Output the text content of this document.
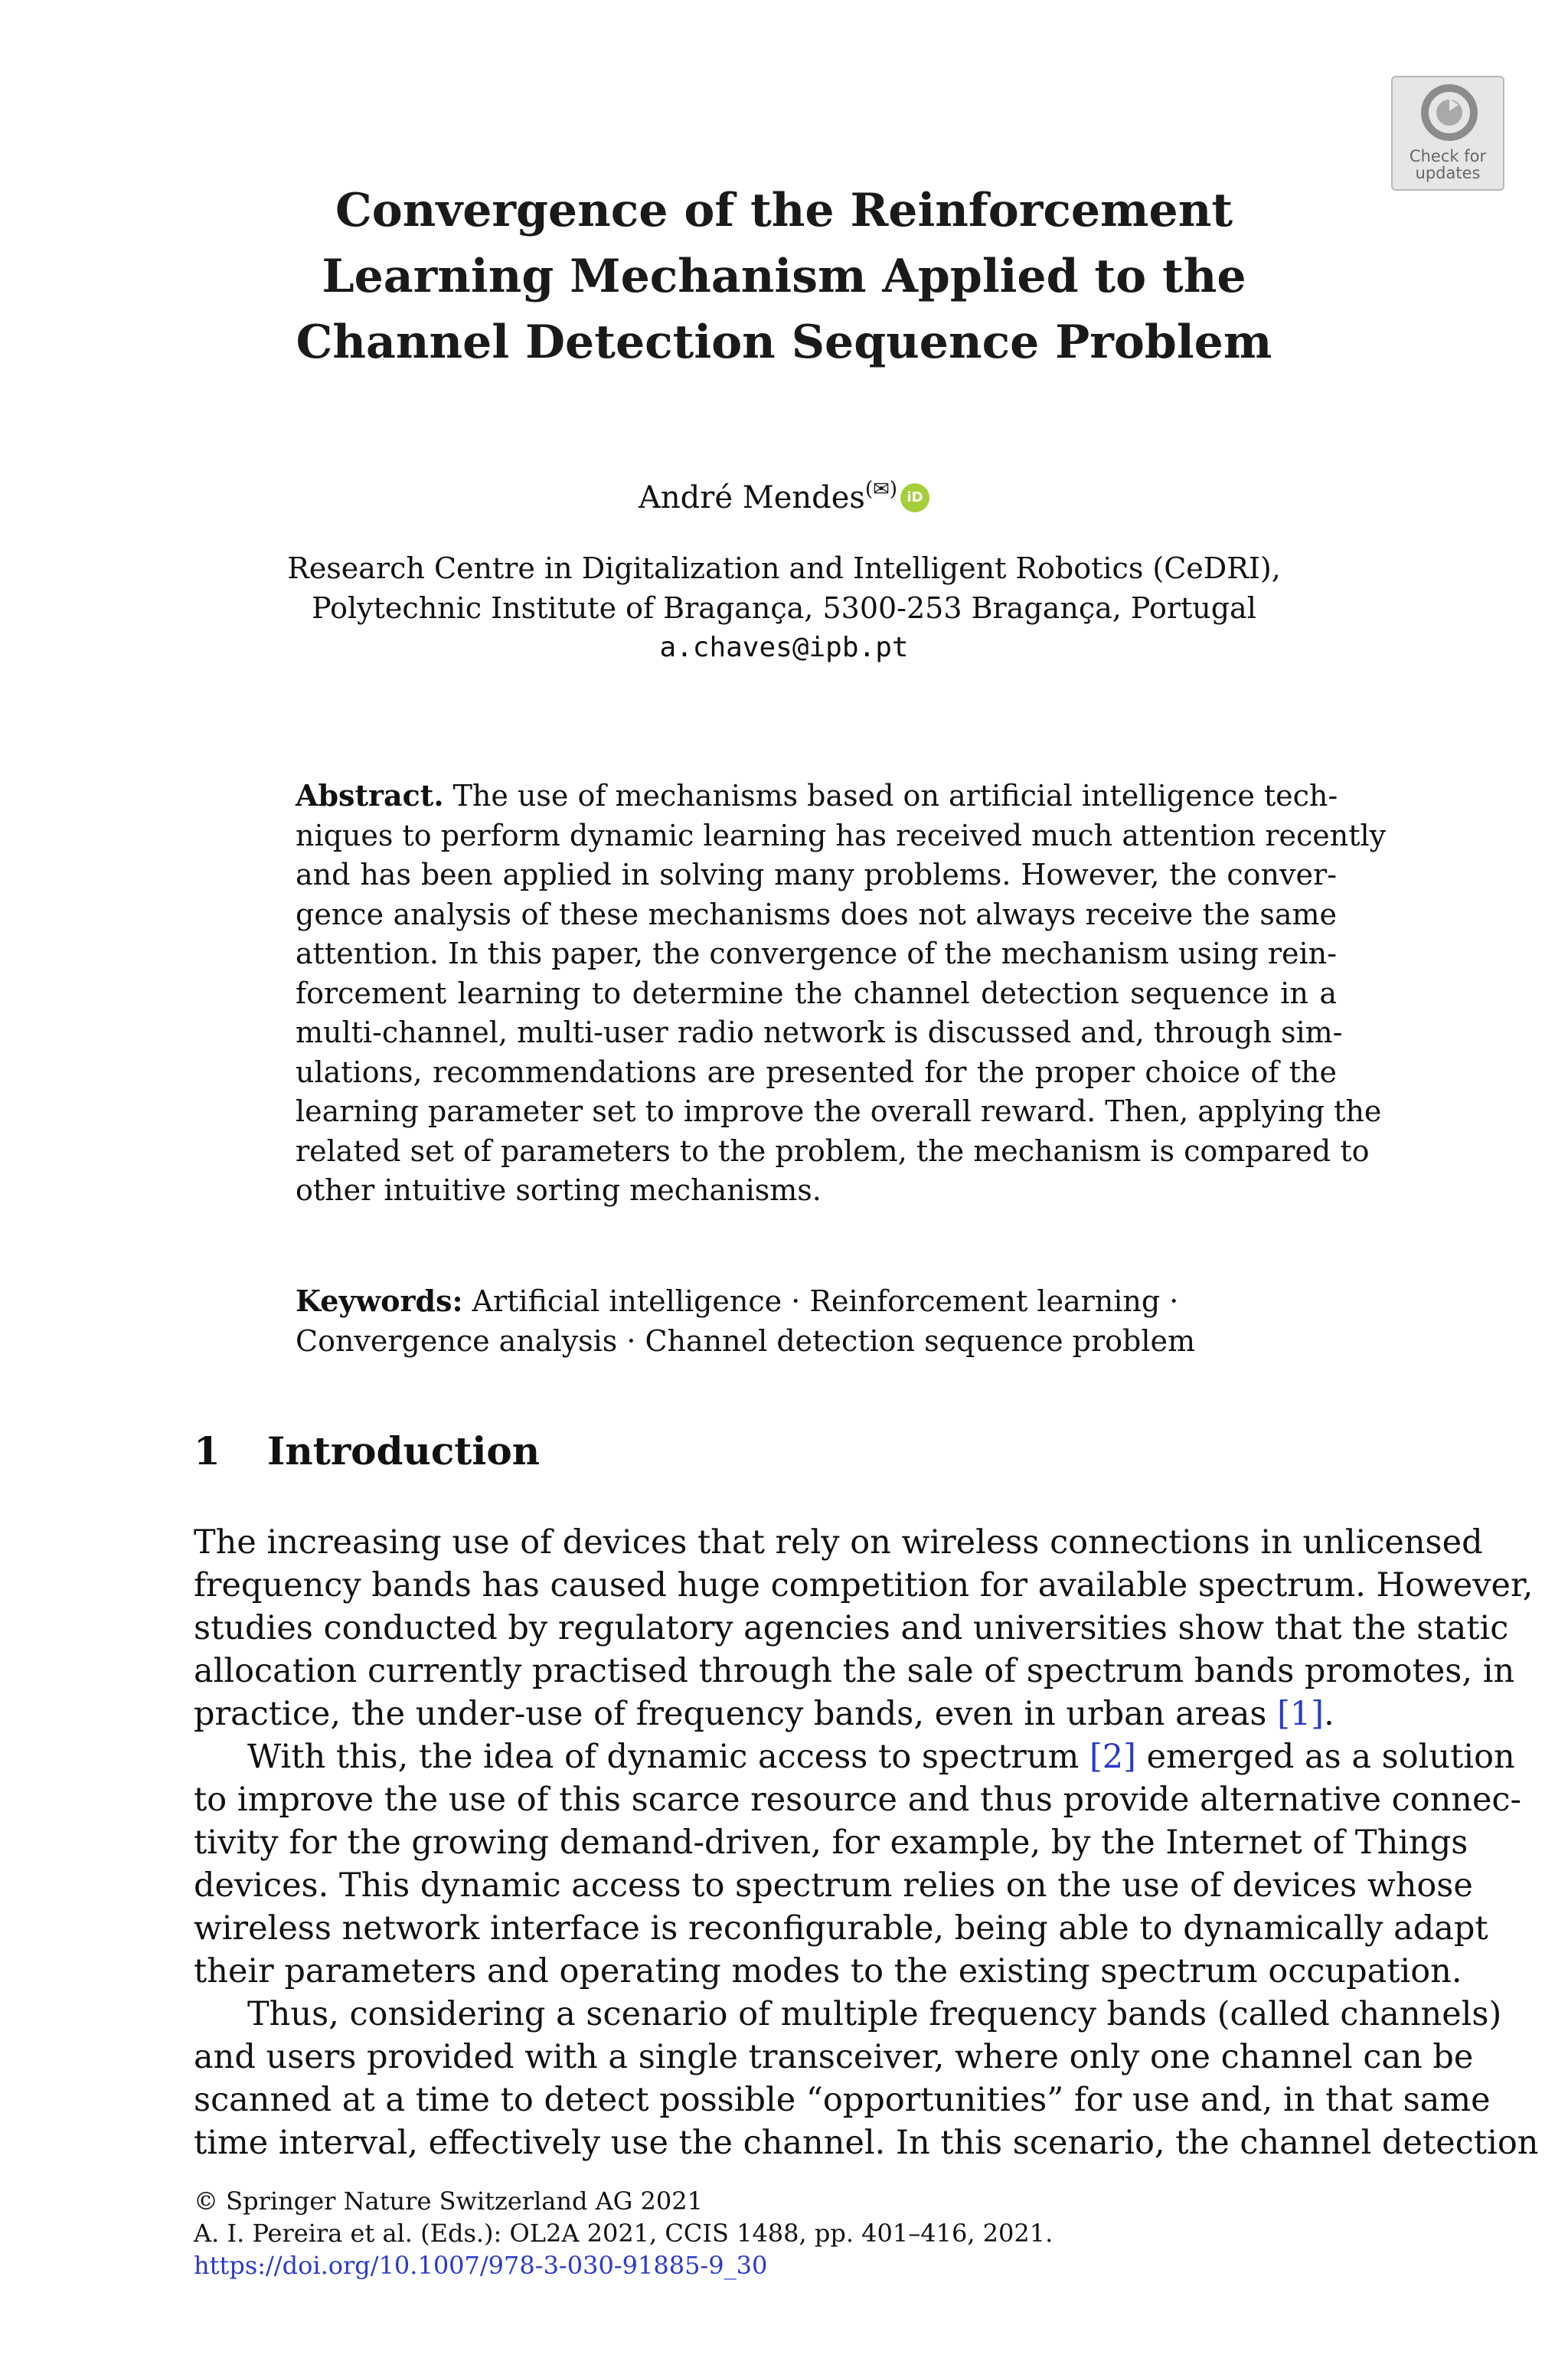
Check for
updates
Convergence of the Reinforcement
Learning Mechanism Applied to the
Channel Detection Sequence Problem
André Mendes(✉) iD
Research Centre in Digitalization and Intelligent Robotics (CeDRI),
Polytechnic Institute of Bragança, 5300-253 Bragança, Portugal
a.chaves@ipb.pt
Abstract. The use of mechanisms based on artificial intelligence tech-
niques to perform dynamic learning has received much attention recently
and has been applied in solving many problems. However, the conver-
gence analysis of these mechanisms does not always receive the same
attention. In this paper, the convergence of the mechanism using rein-
forcement learning to determine the channel detection sequence in a
multi-channel, multi-user radio network is discussed and, through sim-
ulations, recommendations are presented for the proper choice of the
learning parameter set to improve the overall reward. Then, applying the
related set of parameters to the problem, the mechanism is compared to
other intuitive sorting mechanisms.
Keywords: Artificial intelligence · Reinforcement learning ·
Convergence analysis · Channel detection sequence problem
1 Introduction
The increasing use of devices that rely on wireless connections in unlicensed
frequency bands has caused huge competition for available spectrum. However,
studies conducted by regulatory agencies and universities show that the static
allocation currently practised through the sale of spectrum bands promotes, in
practice, the under-use of frequency bands, even in urban areas [1].
With this, the idea of dynamic access to spectrum [2] emerged as a solution
to improve the use of this scarce resource and thus provide alternative connec-
tivity for the growing demand-driven, for example, by the Internet of Things
devices. This dynamic access to spectrum relies on the use of devices whose
wireless network interface is reconfigurable, being able to dynamically adapt
their parameters and operating modes to the existing spectrum occupation.
Thus, considering a scenario of multiple frequency bands (called channels)
and users provided with a single transceiver, where only one channel can be
scanned at a time to detect possible “opportunities” for use and, in that same
time interval, effectively use the channel. In this scenario, the channel detection
© Springer Nature Switzerland AG 2021
A. I. Pereira et al. (Eds.): OL2A 2021, CCIS 1488, pp. 401–416, 2021.
https://doi.org/10.1007/978-3-030-91885-9_30
